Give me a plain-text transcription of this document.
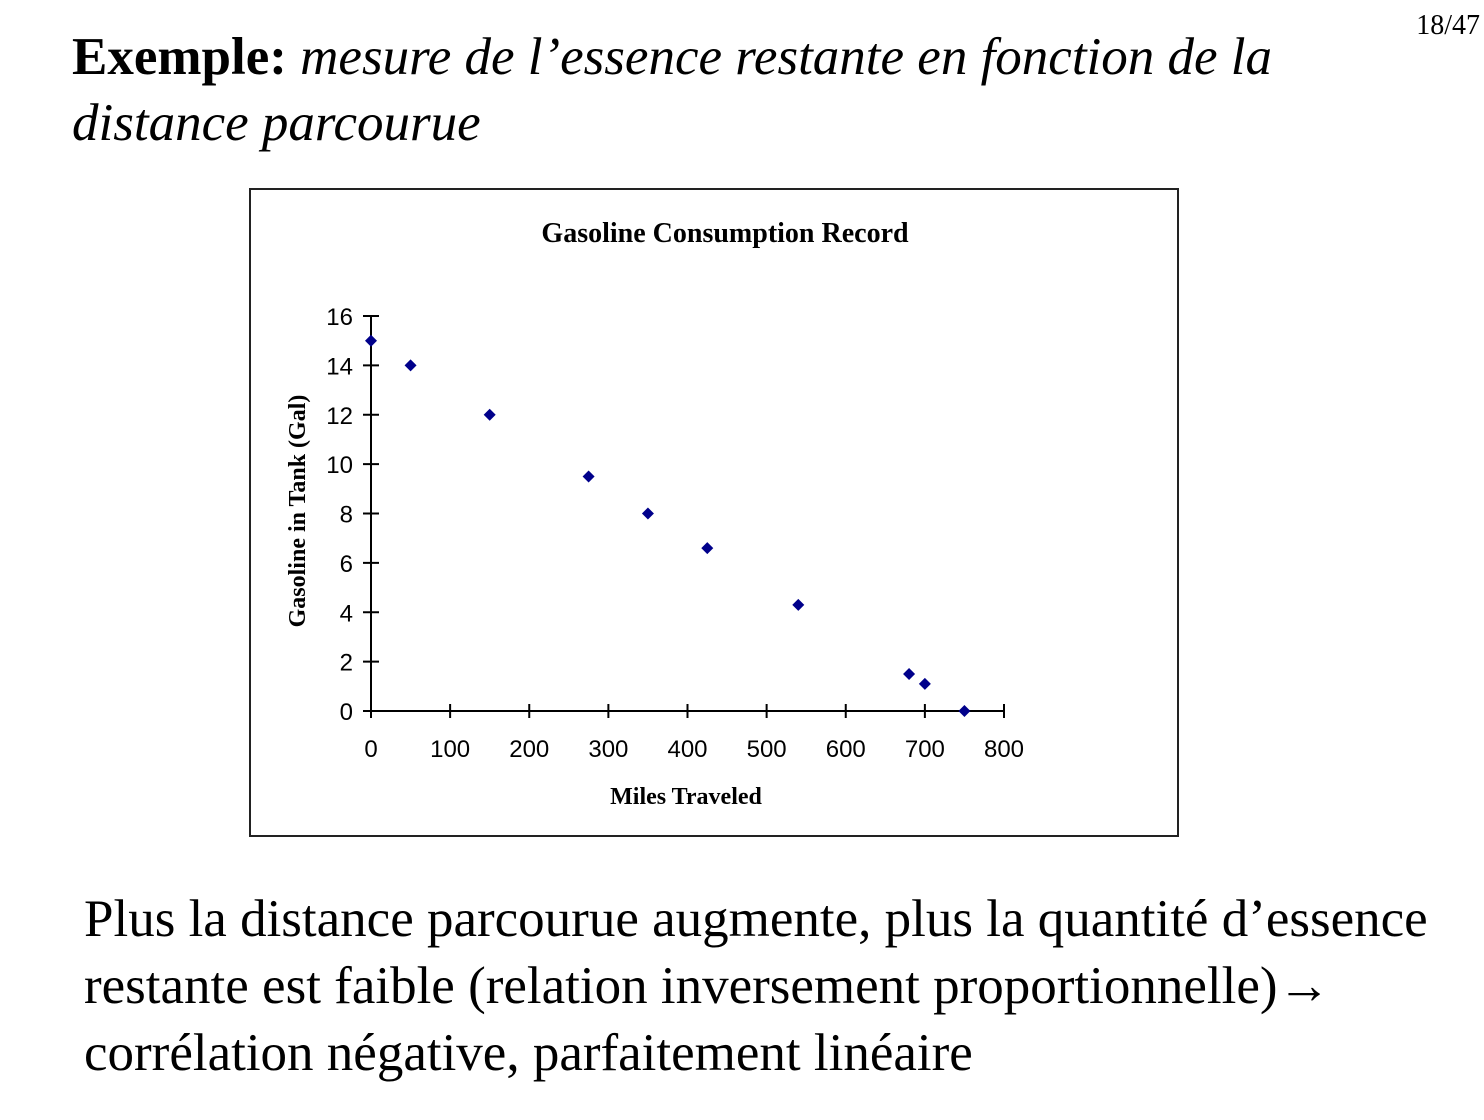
18/47
Exemple: mesure de l’essence restante en fonction de la distance parcourue
Gasoline Consumption Record
0
2
4
6
8
10
12
14
16
0 100 200 300 400 500 600 700 800
Miles Traveled
Gasoline in Tank (Gal)

Plus la distance parcourue augmente, plus la quantité d’essence restante est faible (relation inversement proportionnelle)→ corrélation négative, parfaitement linéaire
